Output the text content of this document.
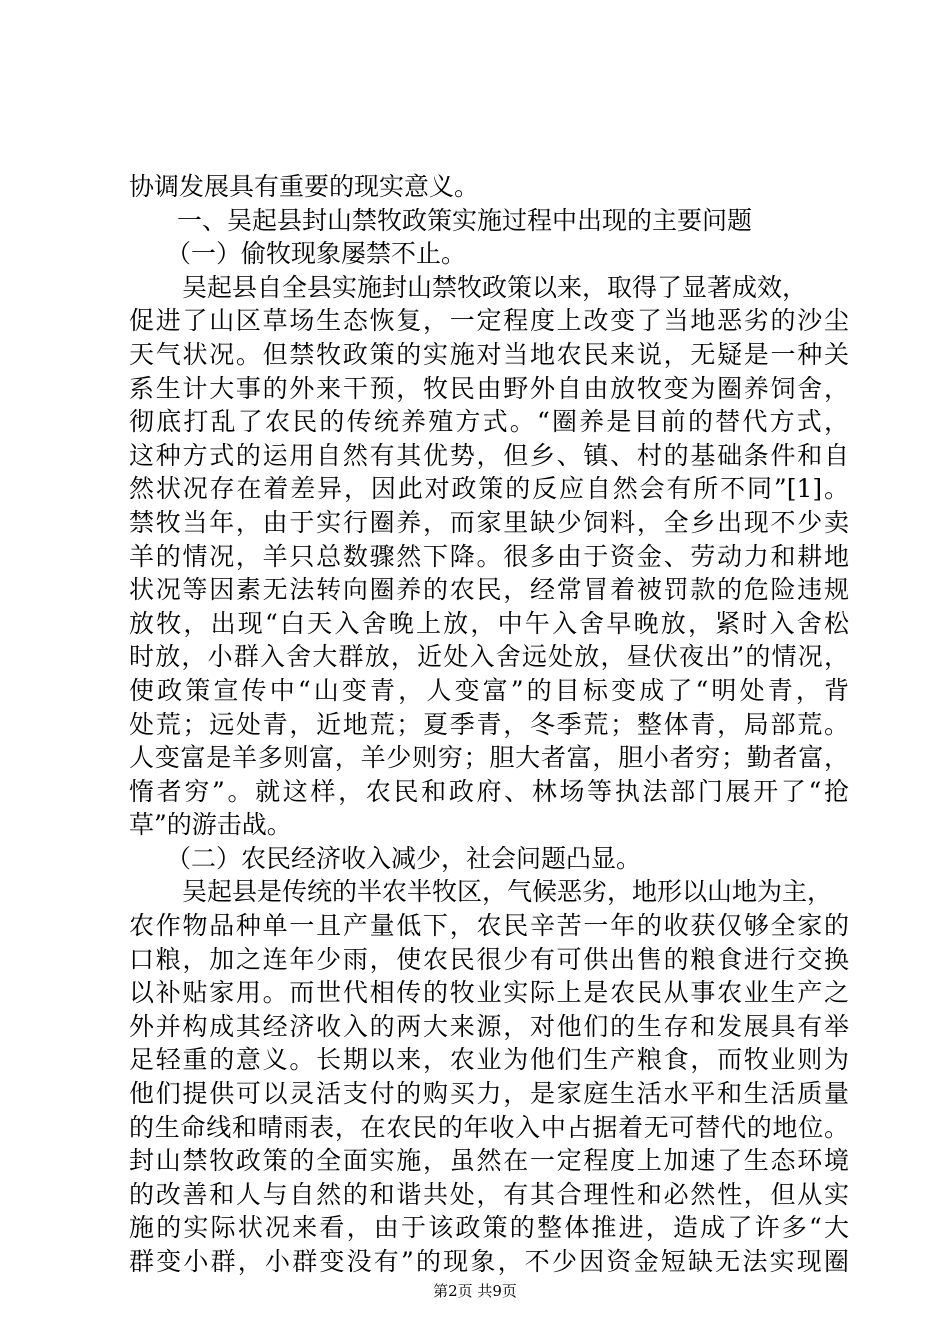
协调发展具有重要的现实意义。
一、吴起县封山禁牧政策实施过程中出现的主要问题
（一）偷牧现象屡禁不止。
吴起县自全县实施封山禁牧政策以来，取得了显著成效，
促进了山区草场生态恢复，一定程度上改变了当地恶劣的沙尘
天气状况。但禁牧政策的实施对当地农民来说，无疑是一种关
系生计大事的外来干预，牧民由野外自由放牧变为圈养饲舍，
彻底打乱了农民的传统养殖方式。“圈养是目前的替代方式，
这种方式的运用自然有其优势，但乡、镇、村的基础条件和自
然状况存在着差异，因此对政策的反应自然会有所不同”[1]。
禁牧当年，由于实行圈养，而家里缺少饲料，全乡出现不少卖
羊的情况，羊只总数骤然下降。很多由于资金、劳动力和耕地
状况等因素无法转向圈养的农民，经常冒着被罚款的危险违规
放牧，出现“白天入舍晚上放，中午入舍早晚放，紧时入舍松
时放，小群入舍大群放，近处入舍远处放，昼伏夜出”的情况，
使政策宣传中“山变青，人变富”的目标变成了“明处青，背
处荒；远处青，近地荒；夏季青，冬季荒；整体青，局部荒。
人变富是羊多则富，羊少则穷；胆大者富，胆小者穷；勤者富，
惰者穷”。就这样，农民和政府、林场等执法部门展开了“抢
草”的游击战。
（二）农民经济收入减少，社会问题凸显。
吴起县是传统的半农半牧区，气候恶劣，地形以山地为主，
农作物品种单一且产量低下，农民辛苦一年的收获仅够全家的
口粮，加之连年少雨，使农民很少有可供出售的粮食进行交换
以补贴家用。而世代相传的牧业实际上是农民从事农业生产之
外并构成其经济收入的两大来源，对他们的生存和发展具有举
足轻重的意义。长期以来，农业为他们生产粮食，而牧业则为
他们提供可以灵活支付的购买力，是家庭生活水平和生活质量
的生命线和晴雨表，在农民的年收入中占据着无可替代的地位。
封山禁牧政策的全面实施，虽然在一定程度上加速了生态环境
的改善和人与自然的和谐共处，有其合理性和必然性，但从实
施的实际状况来看，由于该政策的整体推进，造成了许多“大
群变小群，小群变没有”的现象，不少因资金短缺无法实现圈
第2页 共9页
